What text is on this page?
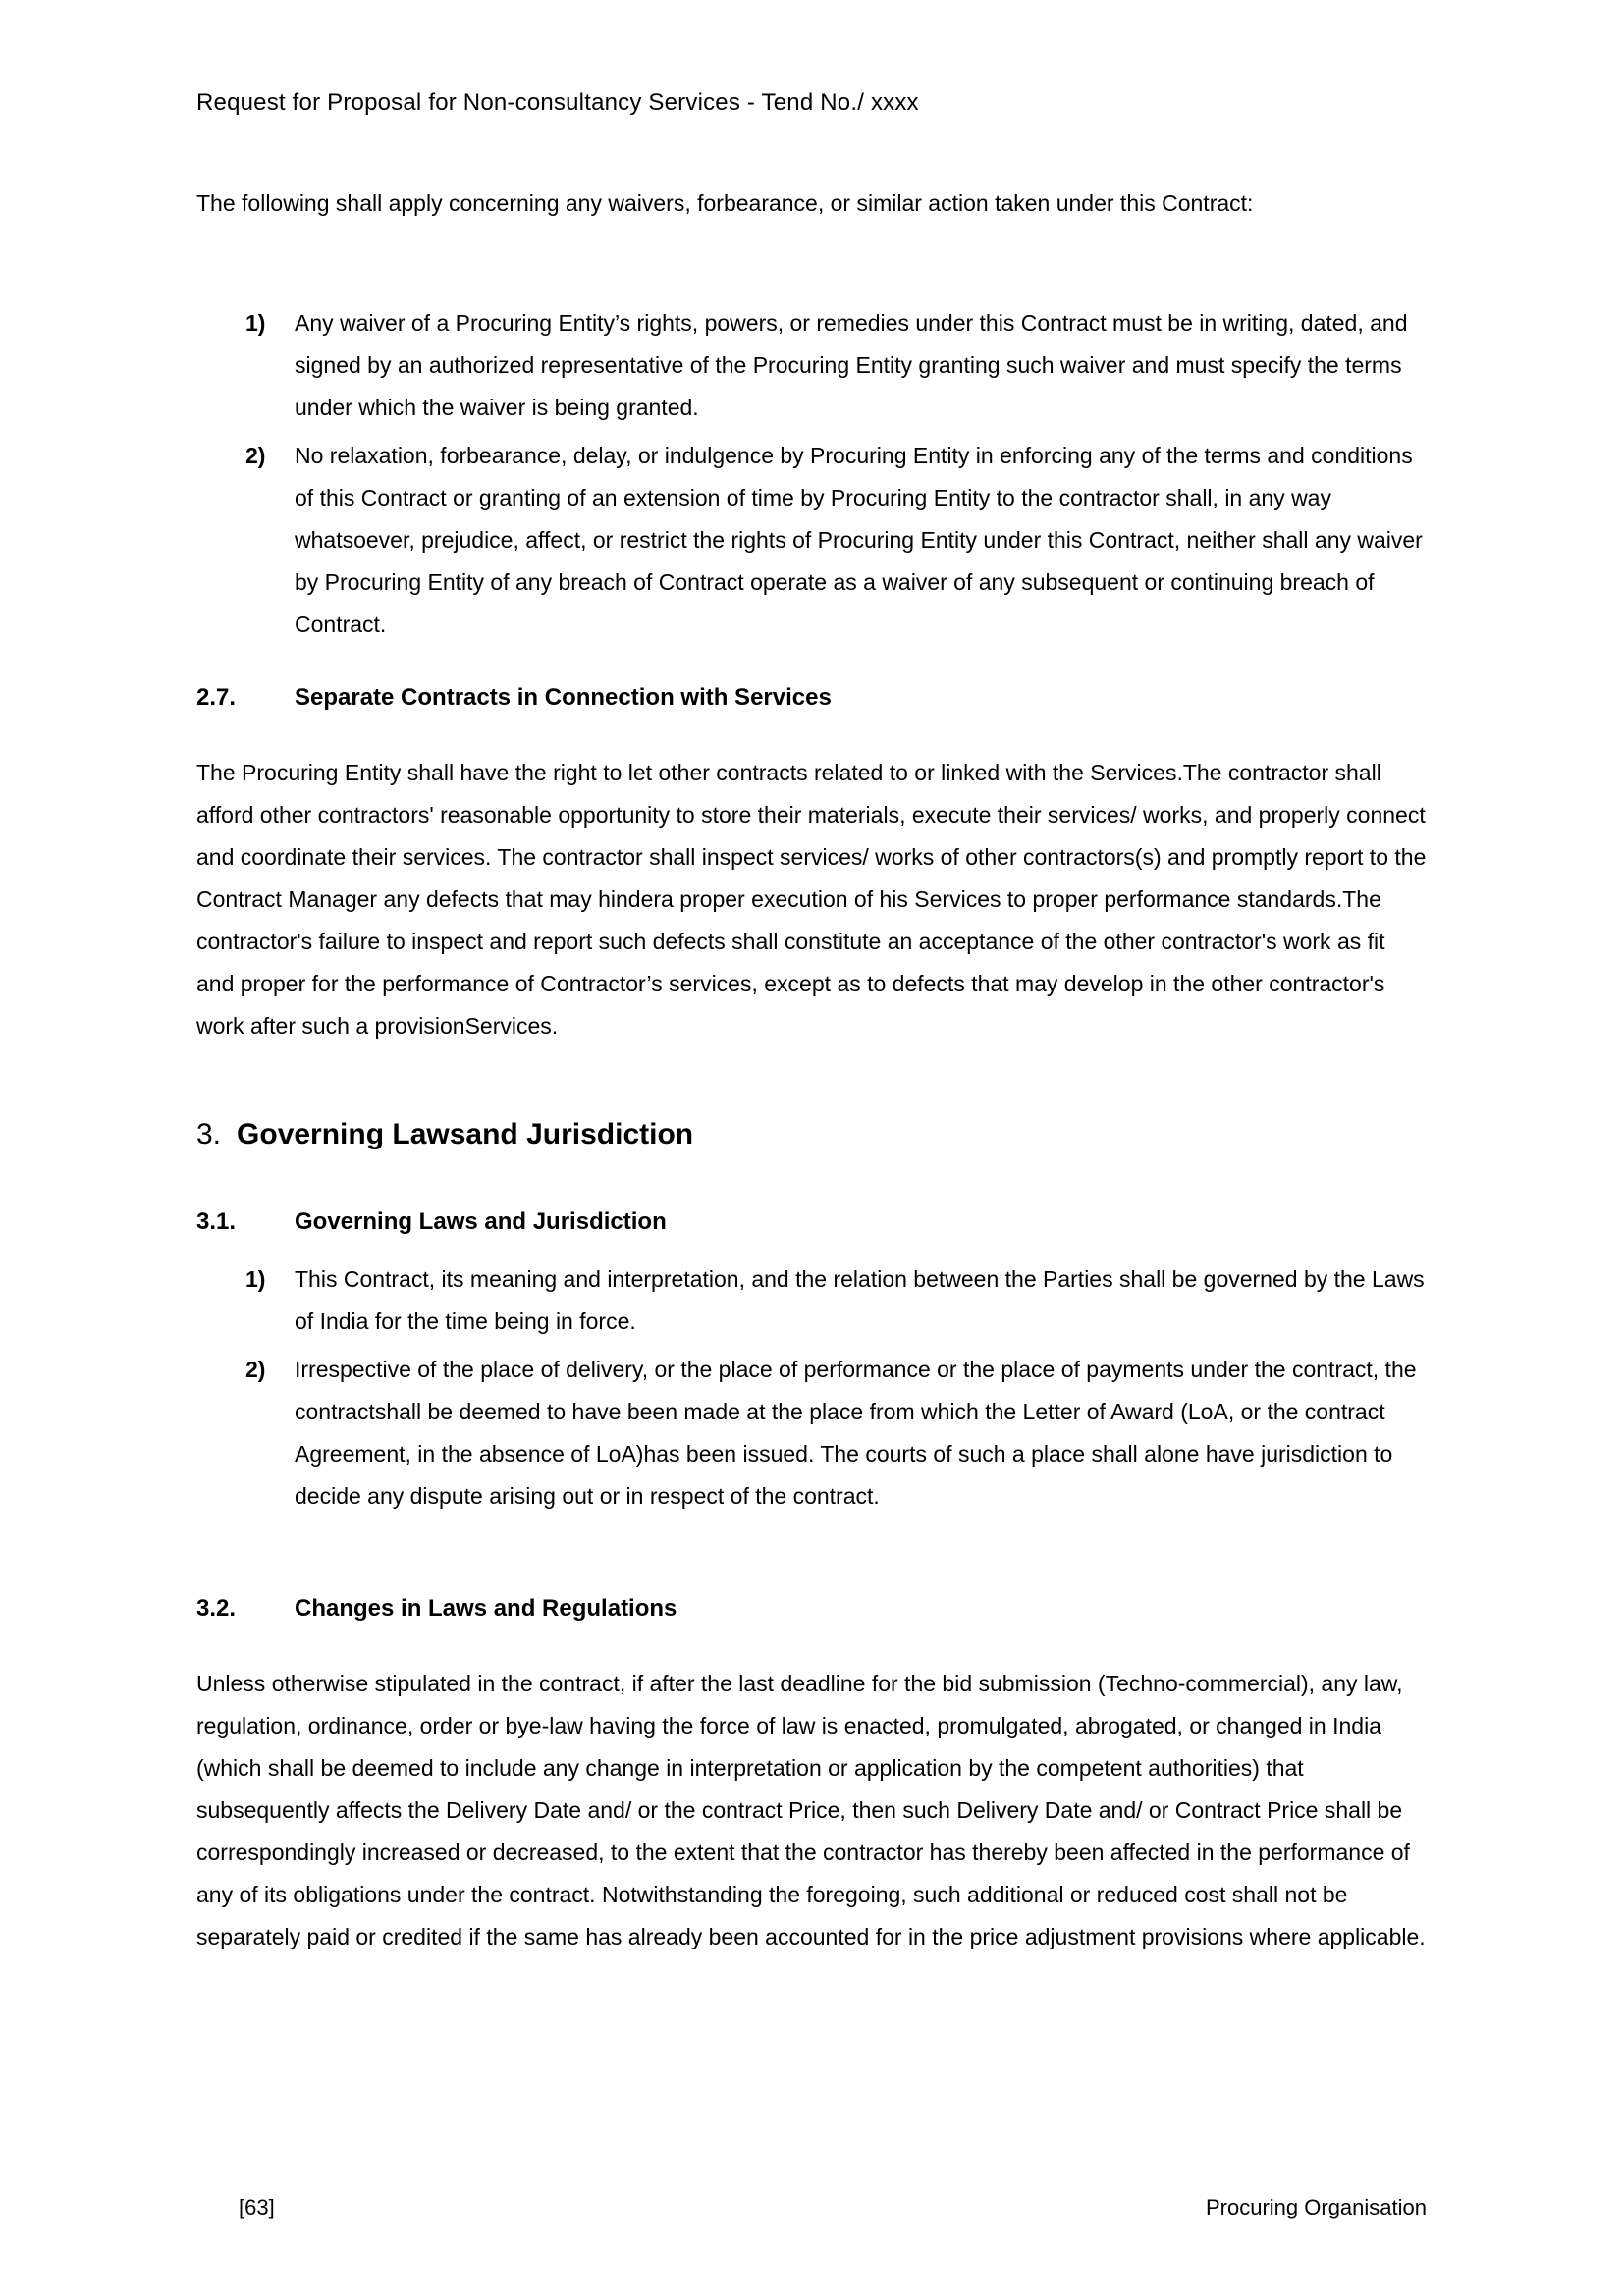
Request for Proposal for Non-consultancy Services - Tend No./ xxxx

The following shall apply concerning any waivers, forbearance, or similar action taken under this Contract:

1)	Any waiver of a Procuring Entity’s rights, powers, or remedies under this Contract must be in writing, dated, and signed by an authorized representative of the Procuring Entity granting such waiver and must specify the terms under which the waiver is being granted.
2)	No relaxation, forbearance, delay, or indulgence by Procuring Entity in enforcing any of the terms and conditions of this Contract or granting of an extension of time by Procuring Entity to the contractor shall, in any way whatsoever, prejudice, affect, or restrict the rights of Procuring Entity under this Contract, neither shall any waiver by Procuring Entity of any breach of Contract operate as a waiver of any subsequent or continuing breach of Contract.
2.7.	Separate Contracts in Connection with Services

The Procuring Entity shall have the right to let other contracts related to or linked with the Services.The contractor shall afford other contractors' reasonable opportunity to store their materials, execute their services/ works, and properly connect and coordinate their services. The contractor shall inspect services/ works of other contractors(s) and promptly report to the Contract Manager any defects that may hindera proper execution of his Services to proper performance standards.The contractor's failure to inspect and report such defects shall constitute an acceptance of the other contractor's work as fit and proper for the performance of Contractor’s services, except as to defects that may develop in the other contractor's work after such a provisionServices.

3. Governing Lawsand Jurisdiction
3.1.	Governing Laws and Jurisdiction
1)	This Contract, its meaning and interpretation, and the relation between the Parties shall be governed by the Laws of India for the time being in force.
2)	Irrespective of the place of delivery, or the place of performance or the place of payments under the contract, the contractshall be deemed to have been made at the place from which the Letter of Award (LoA, or the contract Agreement, in the absence of LoA)has been issued. The courts of such a place shall alone have jurisdiction to decide any dispute arising out or in respect of the contract.
3.2.	Changes in Laws and Regulations

Unless otherwise stipulated in the contract, if after the last deadline for the bid submission (Techno-commercial), any law, regulation, ordinance, order or bye-law having the force of law is enacted, promulgated, abrogated, or changed in India (which shall be deemed to include any change in interpretation or application by the competent authorities) that subsequently affects the Delivery Date and/ or the contract Price, then such Delivery Date and/ or Contract Price shall be correspondingly increased or decreased, to the extent that the contractor has thereby been affected in the performance of any of its obligations under the contract. Notwithstanding the foregoing, such additional or reduced cost shall not be separately paid or credited if the same has already been accounted for in the price adjustment provisions where applicable.

[63]	Procuring Organisation
